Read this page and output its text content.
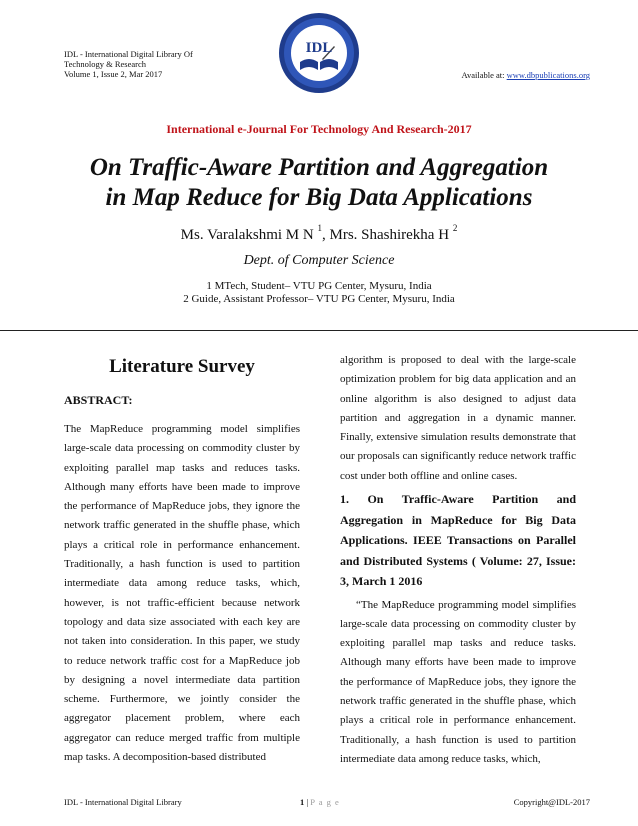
IDL - International Digital Library Of
Technology & Research
Volume 1, Issue 2, Mar 2017
IDL
Available at: www.dbpublications.org
International e-Journal For Technology And Research-2017
On Traffic-Aware Partition and Aggregation
in Map Reduce for Big Data Applications
Ms. Varalakshmi M N $^1$, Mrs. Shashirekha H $^2$
Dept. of Computer Science
1 MTech, Student– VTU PG Center, Mysuru, India
2 Guide, Assistant Professor– VTU PG Center, Mysuru, India
Literature Survey
ABSTRACT:

The MapReduce programming model simplifies large-scale data processing on commodity cluster by exploiting parallel map tasks and reduces tasks. Although many efforts have been made to improve the performance of MapReduce jobs, they ignore the network traffic generated in the shuffle phase, which plays a critical role in performance enhancement. Traditionally, a hash function is used to partition intermediate data among reduce tasks, which, however, is not traffic-efficient because network topology and data size associated with each key are not taken into consideration. In this paper, we study to reduce network traffic cost for a MapReduce job by designing a novel intermediate data partition scheme. Furthermore, we jointly consider the aggregator placement problem, where each aggregator can reduce merged traffic from multiple map tasks. A decomposition-based distributed

algorithm is proposed to deal with the large-scale optimization problem for big data application and an online algorithm is also designed to adjust data partition and aggregation in a dynamic manner. Finally, extensive simulation results demonstrate that our proposals can significantly reduce network traffic cost under both offline and online cases.

1. On Traffic-Aware Partition and Aggregation in MapReduce for Big Data Applications. IEEE Transactions on Parallel and Distributed Systems ( Volume: 27, Issue: 3, March 1 2016

“The MapReduce programming model simplifies large-scale data processing on commodity cluster by exploiting parallel map tasks and reduce tasks. Although many efforts have been made to improve the performance of MapReduce jobs, they ignore the network traffic generated in the shuffle phase, which plays a critical role in performance enhancement. Traditionally, a hash function is used to partition intermediate data among reduce tasks, which,

IDL - International Digital Library	1 | P a g e	Copyright@IDL-2017
